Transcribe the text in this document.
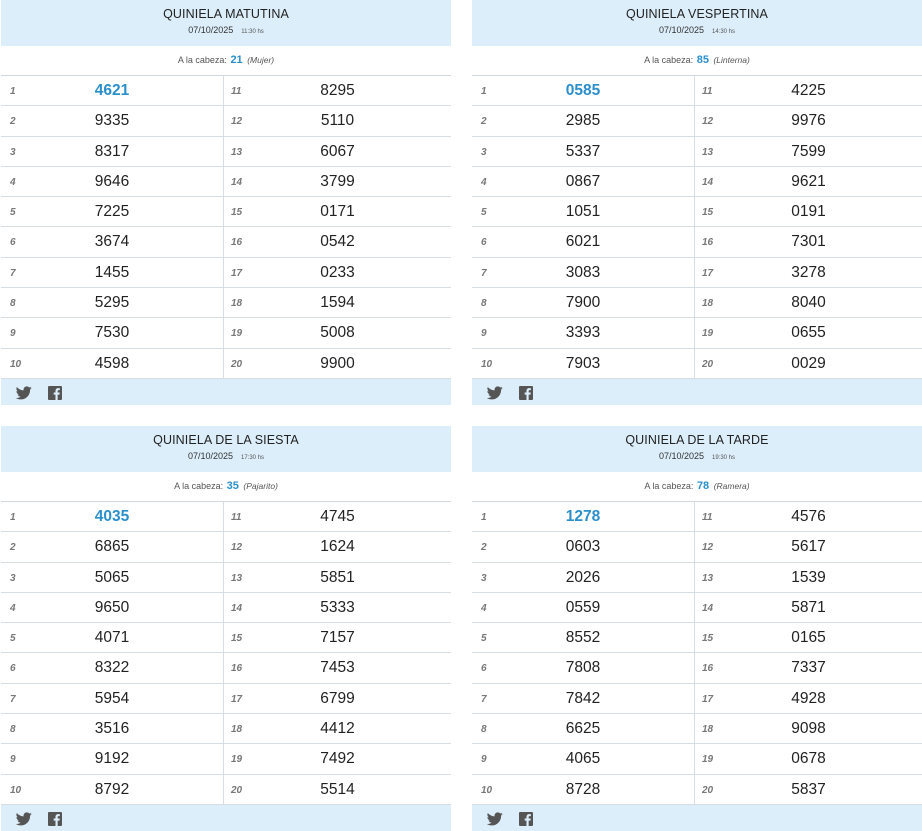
QUINIELA MATUTINA
07/10/2025 11:30 hs
A la cabeza: 21 (Mujer)
1	4621	11	8295
2	9335	12	5110
3	8317	13	6067
4	9646	14	3799
5	7225	15	0171
6	3674	16	0542
7	1455	17	0233
8	5295	18	1594
9	7530	19	5008
10	4598	20	9900
QUINIELA VESPERTINA
07/10/2025 14:30 hs
A la cabeza: 85 (Linterna)
1	0585	11	4225
2	2985	12	9976
3	5337	13	7599
4	0867	14	9621
5	1051	15	0191
6	6021	16	7301
7	3083	17	3278
8	7900	18	8040
9	3393	19	0655
10	7903	20	0029
QUINIELA DE LA SIESTA
07/10/2025 17:30 hs
A la cabeza: 35 (Pajarito)
1	4035	11	4745
2	6865	12	1624
3	5065	13	5851
4	9650	14	5333
5	4071	15	7157
6	8322	16	7453
7	5954	17	6799
8	3516	18	4412
9	9192	19	7492
10	8792	20	5514
QUINIELA DE LA TARDE
07/10/2025 19:30 hs
A la cabeza: 78 (Ramera)
1	1278	11	4576
2	0603	12	5617
3	2026	13	1539
4	0559	14	5871
5	8552	15	0165
6	7808	16	7337
7	7842	17	4928
8	6625	18	9098
9	4065	19	0678
10	8728	20	5837
